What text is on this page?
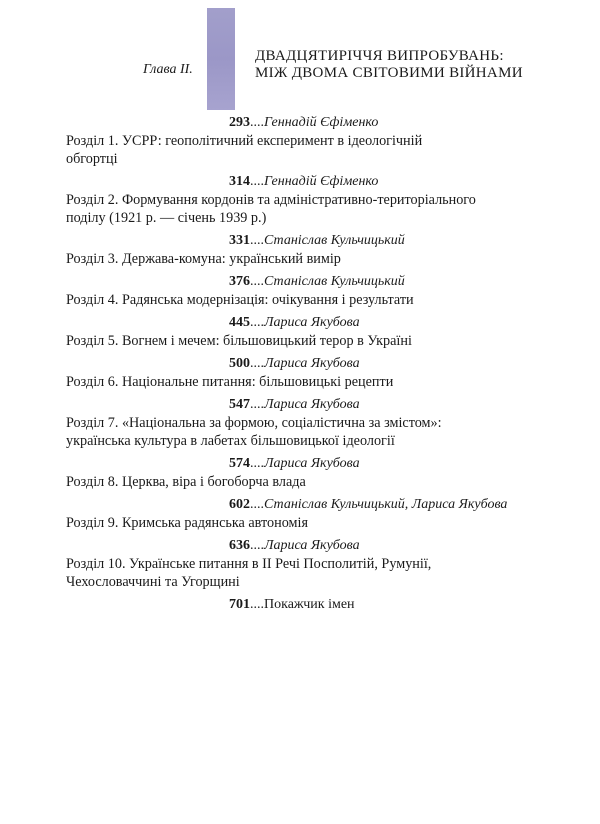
Глава II.
ДВАДЦЯТИРІЧЧЯ ВИПРОБУВАНЬ:
МІЖ ДВОМА СВІТОВИМИ ВІЙНАМИ
293....Геннадій Єфіменко
Розділ 1. УСРР: геополітичний експеримент в ідеологічній
обгортці
314....Геннадій Єфіменко
Розділ 2. Формування кордонів та адміністративно-територіального
поділу (1921 р. — січень 1939 р.)
331....Станіслав Кульчицький
Розділ 3. Держава-комуна: український вимір
376....Станіслав Кульчицький
Розділ 4. Радянська модернізація: очікування і результати
445....Лариса Якубова
Розділ 5. Вогнем і мечем: більшовицький терор в Україні
500....Лариса Якубова
Розділ 6. Національне питання: більшовицькі рецепти
547....Лариса Якубова
Розділ 7. «Національна за формою, соціалістична за змістом»:
українська культура в лабетах більшовицької ідеології
574....Лариса Якубова
Розділ 8. Церква, віра і богоборча влада
602....Станіслав Кульчицький, Лариса Якубова
Розділ 9. Кримська радянська автономія
636....Лариса Якубова
Розділ 10. Українське питання в II Речі Посполитій, Румунії,
Чехословаччині та Угорщині
701....Покажчик імен
